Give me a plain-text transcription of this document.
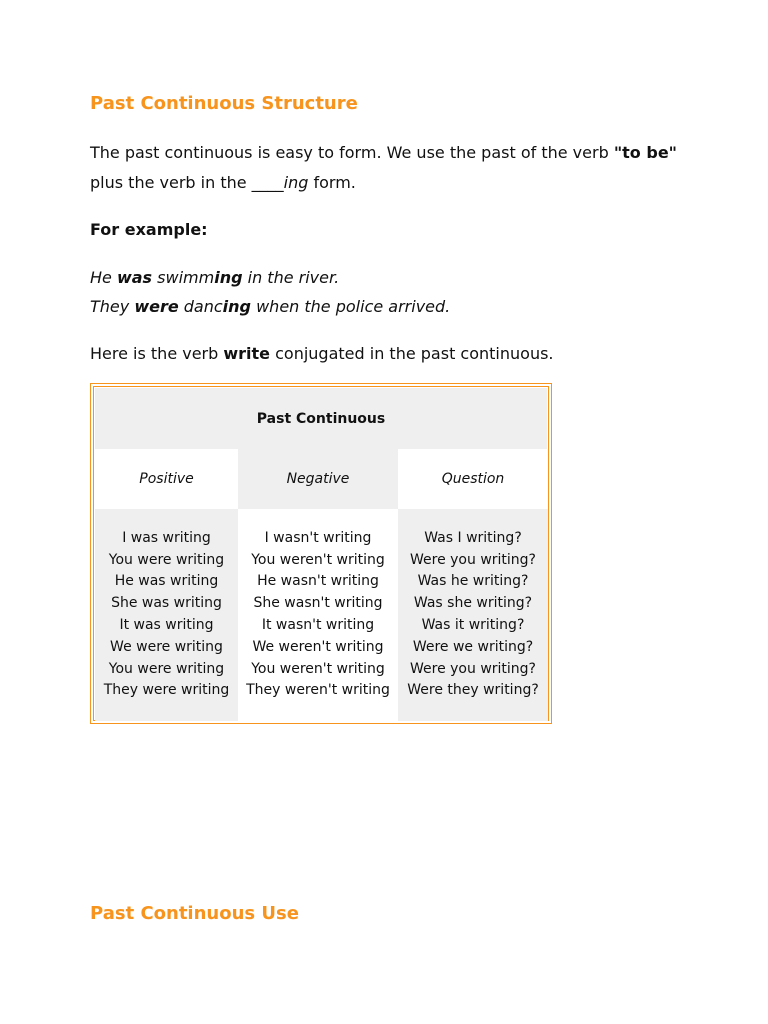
Past Continuous Structure

The past continuous is easy to form. We use the past of the verb "to be" plus the verb in the ____ing form.

For example:

He was swimming in the river.

They were dancing when the police arrived.

Here is the verb write conjugated in the past continuous.

Past Continuous
Positive	Negative	Question
I was writing
You were writing
He was writing
She was writing
It was writing
We were writing
You were writing
They were writing
I wasn't writing
You weren't writing
He wasn't writing
She wasn't writing
It wasn't writing
We weren't writing
You weren't writing
They weren't writing
Was I writing?
Were you writing?
Was he writing?
Was she writing?
Was it writing?
Were we writing?
Were you writing?
Were they writing?
Past Continuous Use
